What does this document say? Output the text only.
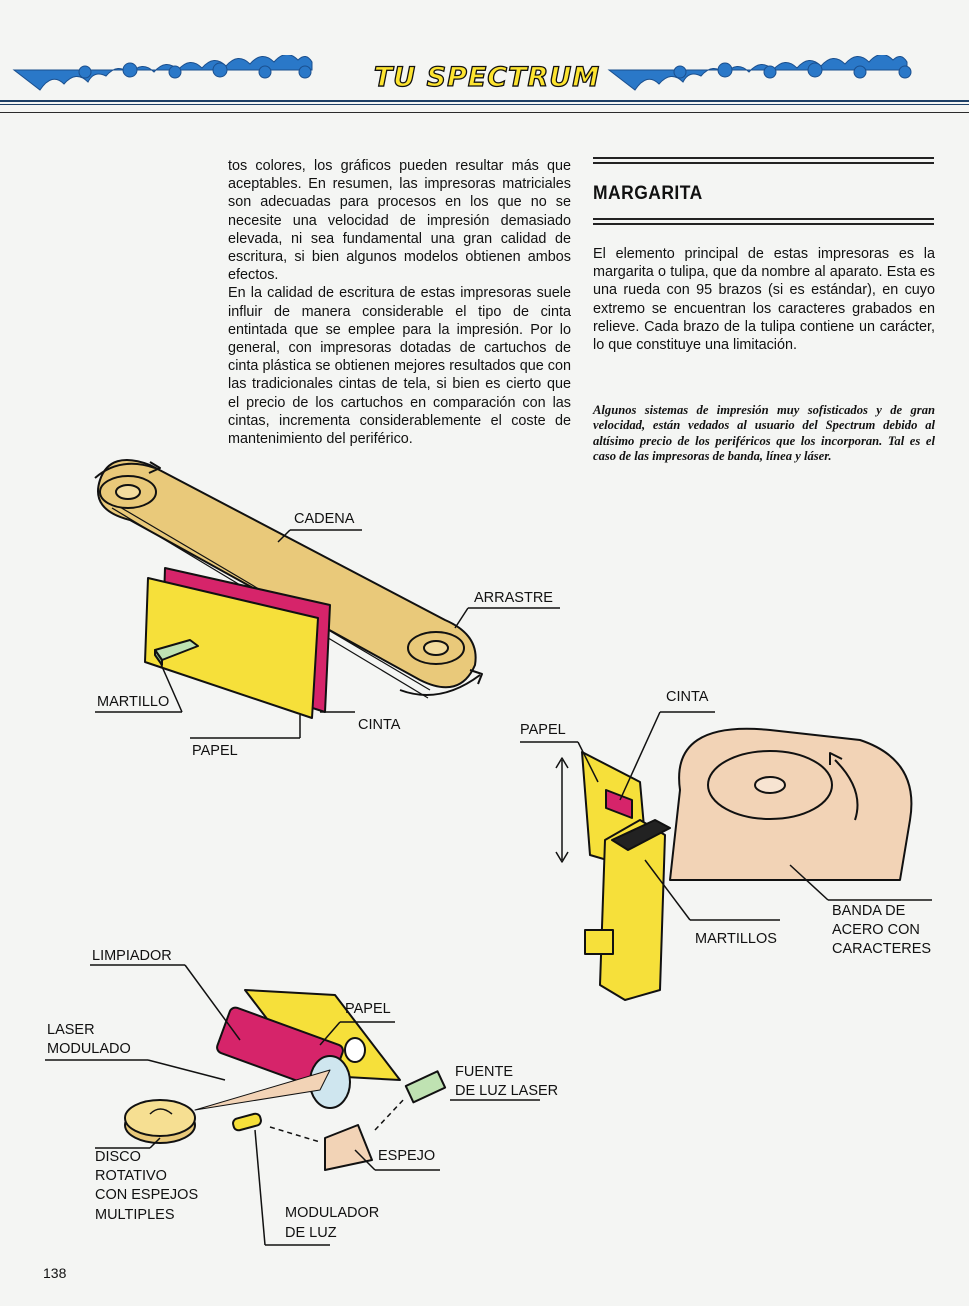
TU SPECTRUM

tos colores, los gráficos pueden resultar más que aceptables. En resumen, las impresoras matriciales son adecuadas para procesos en los que no se necesite una velocidad de impresión demasiado elevada, ni sea fundamental una gran calidad de escritura, si bien algunos modelos obtienen ambos efectos.

En la calidad de escritura de estas impresoras suele influir de manera considerable el tipo de cinta entintada que se emplee para la impresión. Por lo general, con impresoras dotadas de cartuchos de cinta plástica se obtienen mejores resultados que con las tradicionales cintas de tela, si bien es cierto que el precio de los cartuchos en comparación con las cintas, incrementa considerablemente el coste de mantenimiento del periférico.

MARGARITA

El elemento principal de estas impresoras es la margarita o tulipa, que da nombre al aparato. Esta es una rueda con 95 brazos (si es estándar), en cuyo extremo se encuentran los caracteres grabados en relieve. Cada brazo de la tulipa contiene un carácter, lo que constituye una limitación.

Algunos sistemas de impresión muy sofisticados y de gran velocidad, están vedados al usuario del Spectrum debido al altísimo precio de los periféricos que los incorporan. Tal es el caso de las impresoras de banda, línea y láser.
CADENA
ARRASTRE
MARTILLO
CINTA
PAPEL
CINTA
PAPEL
MARTILLOS
BANDA DE
ACERO CON
CARACTERES
LIMPIADOR
LASER
MODULADO
PAPEL
FUENTE
DE LUZ LASER
ESPEJO
DISCO
ROTATIVO
CON ESPEJOS
MULTIPLES	MODULADOR
DE LUZ
138
